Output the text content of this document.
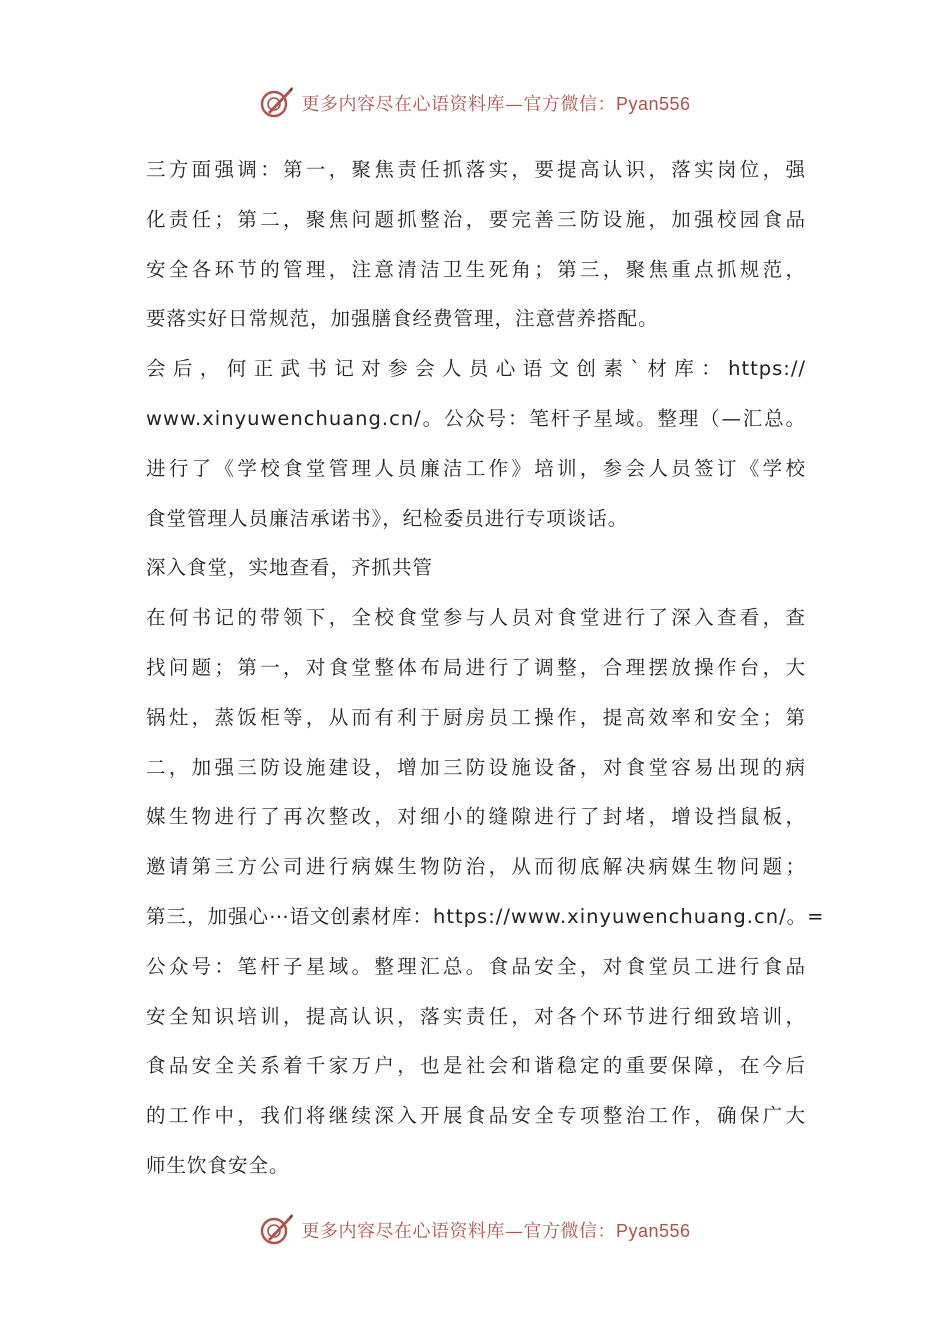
更多内容尽在心语资料库—官方微信：Pyan556
三方面强调：第一，聚焦责任抓落实，要提高认识，落实岗位，强
化责任；第二，聚焦问题抓整治，要完善三防设施，加强校园食品
安全各环节的管理，注意清洁卫生死角；第三，聚焦重点抓规范，
要落实好日常规范，加强膳食经费管理，注意营养搭配。
会后，何正武书记对参会人员心语文创素`材库：https://
www.xinyuwenchuang.cn/。公众号：笔杆子星域。整理（—汇总。
进行了《学校食堂管理人员廉洁工作》培训，参会人员签订《学校
食堂管理人员廉洁承诺书》，纪检委员进行专项谈话。
深入食堂，实地查看，齐抓共管
在何书记的带领下，全校食堂参与人员对食堂进行了深入查看，查
找问题；第一，对食堂整体布局进行了调整，合理摆放操作台，大
锅灶，蒸饭柜等，从而有利于厨房员工操作，提高效率和安全；第
二，加强三防设施建设，增加三防设施设备，对食堂容易出现的病
媒生物进行了再次整改，对细小的缝隙进行了封堵，增设挡鼠板，
邀请第三方公司进行病媒生物防治，从而彻底解决病媒生物问题；
第三，加强心⋯语文创素材库：https://www.xinyuwenchuang.cn/。=
公众号：笔杆子星域。整理汇总。食品安全，对食堂员工进行食品
安全知识培训，提高认识，落实责任，对各个环节进行细致培训，
食品安全关系着千家万户，也是社会和谐稳定的重要保障，在今后
的工作中，我们将继续深入开展食品安全专项整治工作，确保广大
师生饮食安全。
更多内容尽在心语资料库—官方微信：Pyan556
